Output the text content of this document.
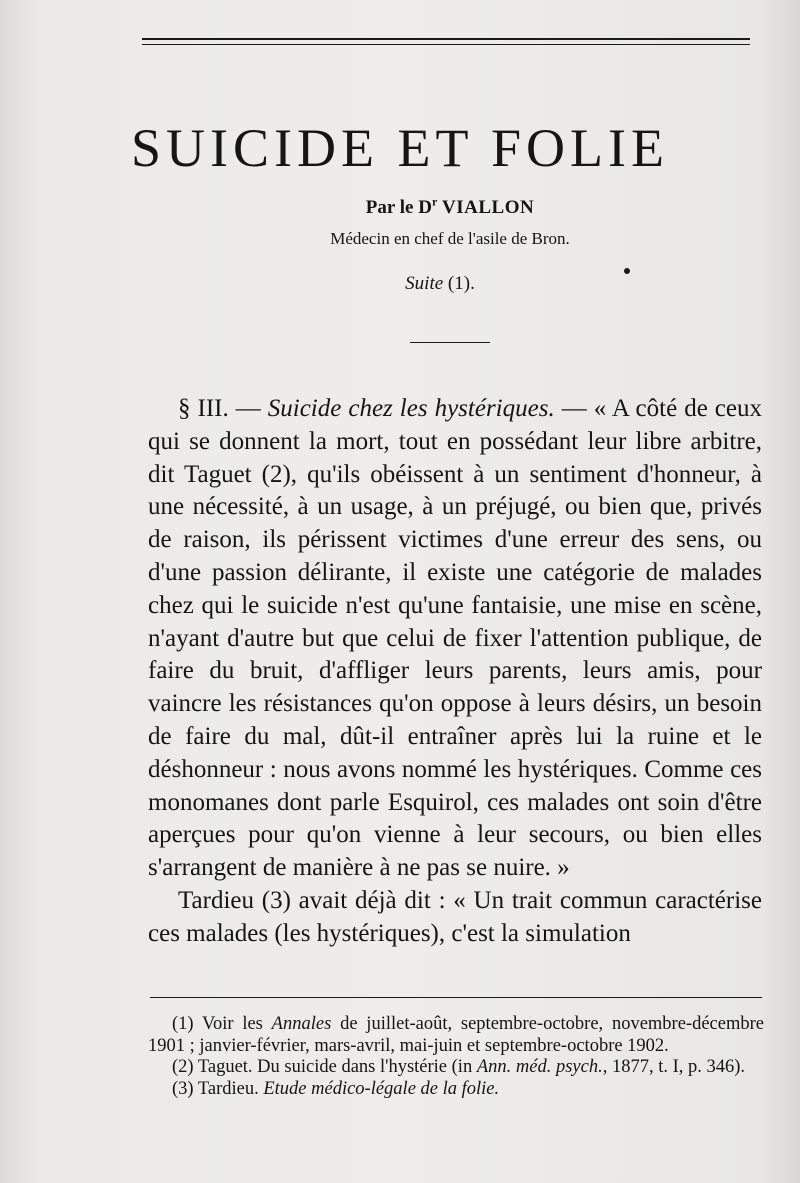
SUICIDE ET FOLIE
Par le $D^r$ VIALLON
Médecin en chef de l'asile de Bron.
Suite (1).

§ III. — Suicide chez les hystériques. — « A côté de ceux qui se donnent la mort, tout en possédant leur libre arbitre, dit Taguet (2), qu'ils obéissent à un sentiment d'honneur, à une nécessité, à un usage, à un préjugé, ou bien que, privés de raison, ils périssent victimes d'une erreur des sens, ou d'une passion délirante, il existe une catégorie de malades chez qui le suicide n'est qu'une fantaisie, une mise en scène, n'ayant d'autre but que celui de fixer l'attention publique, de faire du bruit, d'affliger leurs parents, leurs amis, pour vaincre les résistances qu'on oppose à leurs désirs, un besoin de faire du mal, dût-il entraîner après lui la ruine et le déshonneur : nous avons nommé les hystériques. Comme ces monomanes dont parle Esquirol, ces malades ont soin d'être aperçues pour qu'on vienne à leur secours, ou bien elles s'arrangent de manière à ne pas se nuire. »

Tardieu (3) avait déjà dit : « Un trait commun caractérise ces malades (les hystériques), c'est la simulation

(1) Voir les Annales de juillet-août, septembre-octobre, novembre-décembre 1901 ; janvier-février, mars-avril, mai-juin et septembre-octobre 1902.

(2) Taguet. Du suicide dans l'hystérie (in Ann. méd. psych., 1877, t. I, p. 346).

(3) Tardieu. Etude médico-légale de la folie.
